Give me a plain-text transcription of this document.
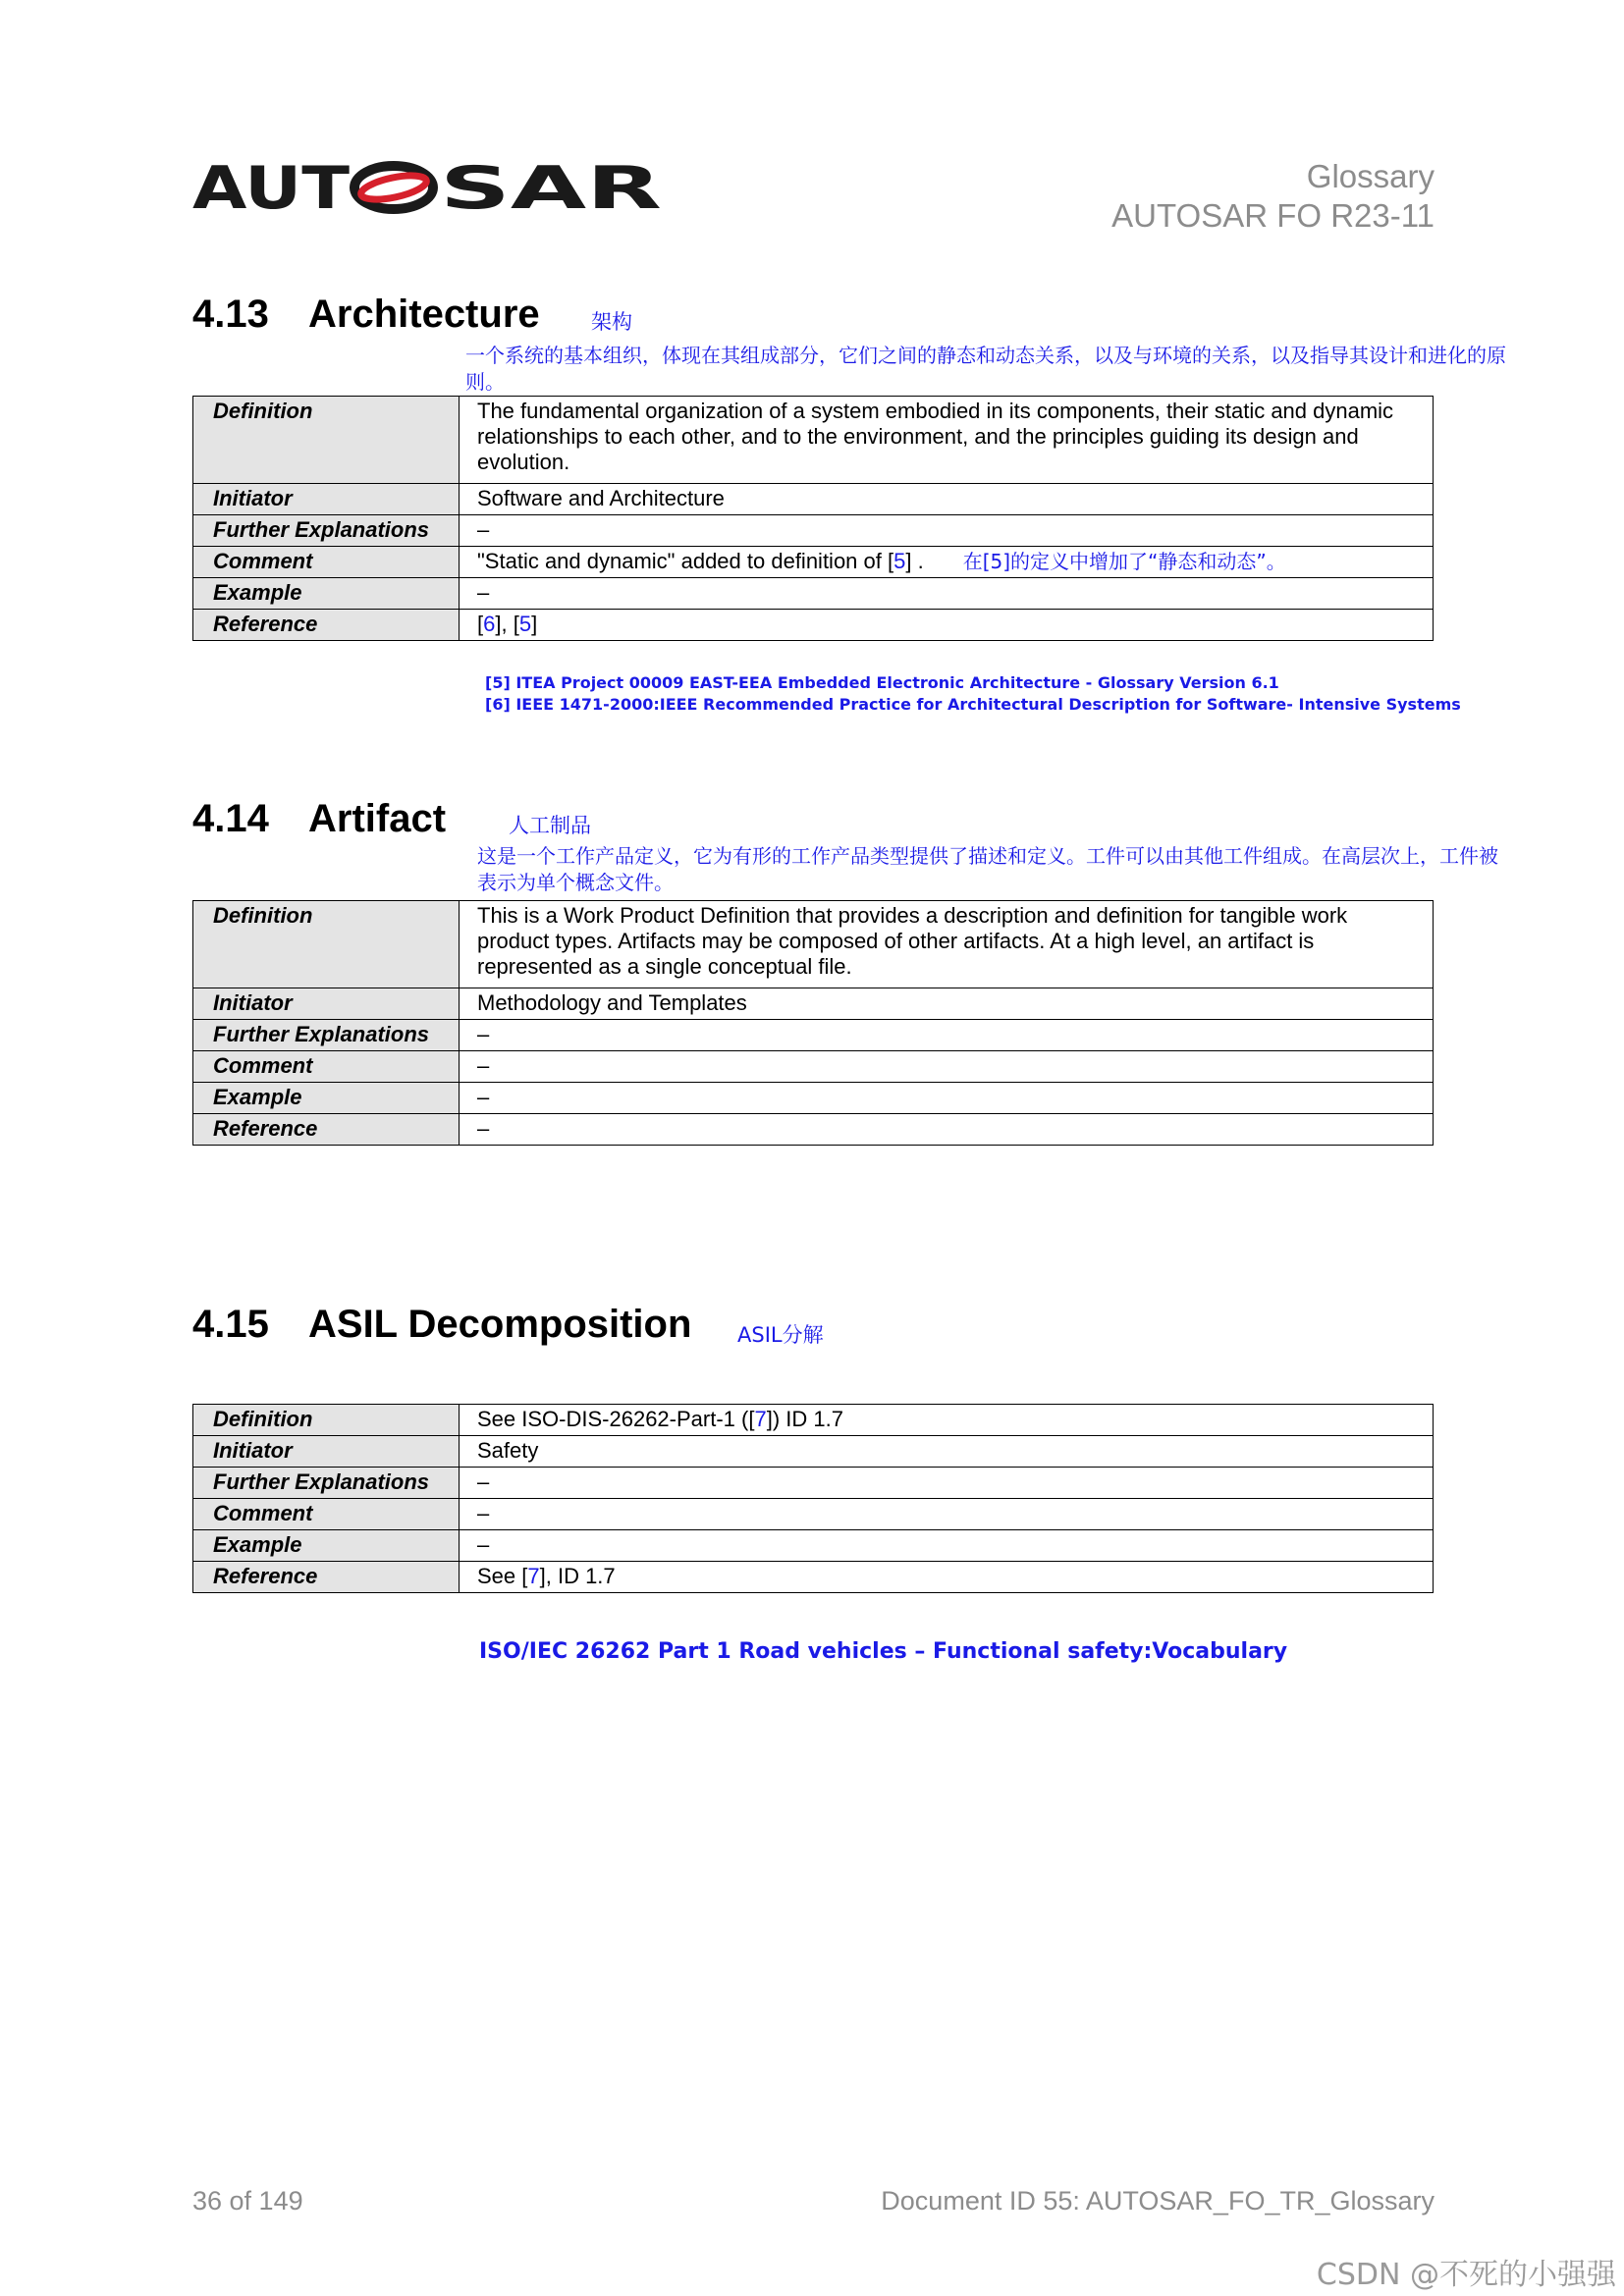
AUT SAR	Glossary
AUTOSAR FO R23-11
4.13 Architecture 架构
一个系统的基本组织，体现在其组成部分，它们之间的静态和动态关系，以及与环境的关系，以及指导其设计和进化的原则。
Definition	The fundamental organization of a system embodied in its components, their static and dynamic relationships to each other, and to the environment, and the principles guiding its design and evolution.
Initiator	Software and Architecture
Further Explanations	–
Comment	"Static and dynamic" added to definition of [5] . 在[5]的定义中增加了“静态和动态”。
Example	–
Reference	[6], [5]
[5] ITEA Project 00009 EAST-EEA Embedded Electronic Architecture - Glossary Version 6.1
[6] IEEE 1471-2000:IEEE Recommended Practice for Architectural Description for Software- Intensive Systems
4.14 Artifact	人工制品
这是一个工作产品定义，它为有形的工作产品类型提供了描述和定义。工件可以由其他工件组成。在高层次上，工件被表示为单个概念文件。
Definition	This is a Work Product Definition that provides a description and definition for tangible work product types. Artifacts may be composed of other artifacts. At a high level, an artifact is represented as a single conceptual file.
Initiator	Methodology and Templates
Further Explanations	–
Comment	–
Example	–
Reference	–
4.15 ASIL Decomposition ASIL分解
Definition	See ISO-DIS-26262-Part-1 ([7]) ID 1.7
Initiator	Safety
Further Explanations	–
Comment	–
Example	–
Reference	See [7], ID 1.7
ISO/IEC 26262 Part 1 Road vehicles – Functional safety:Vocabulary
36 of 149	Document ID 55: AUTOSAR_FO_TR_Glossary
CSDN @不死的小强强
